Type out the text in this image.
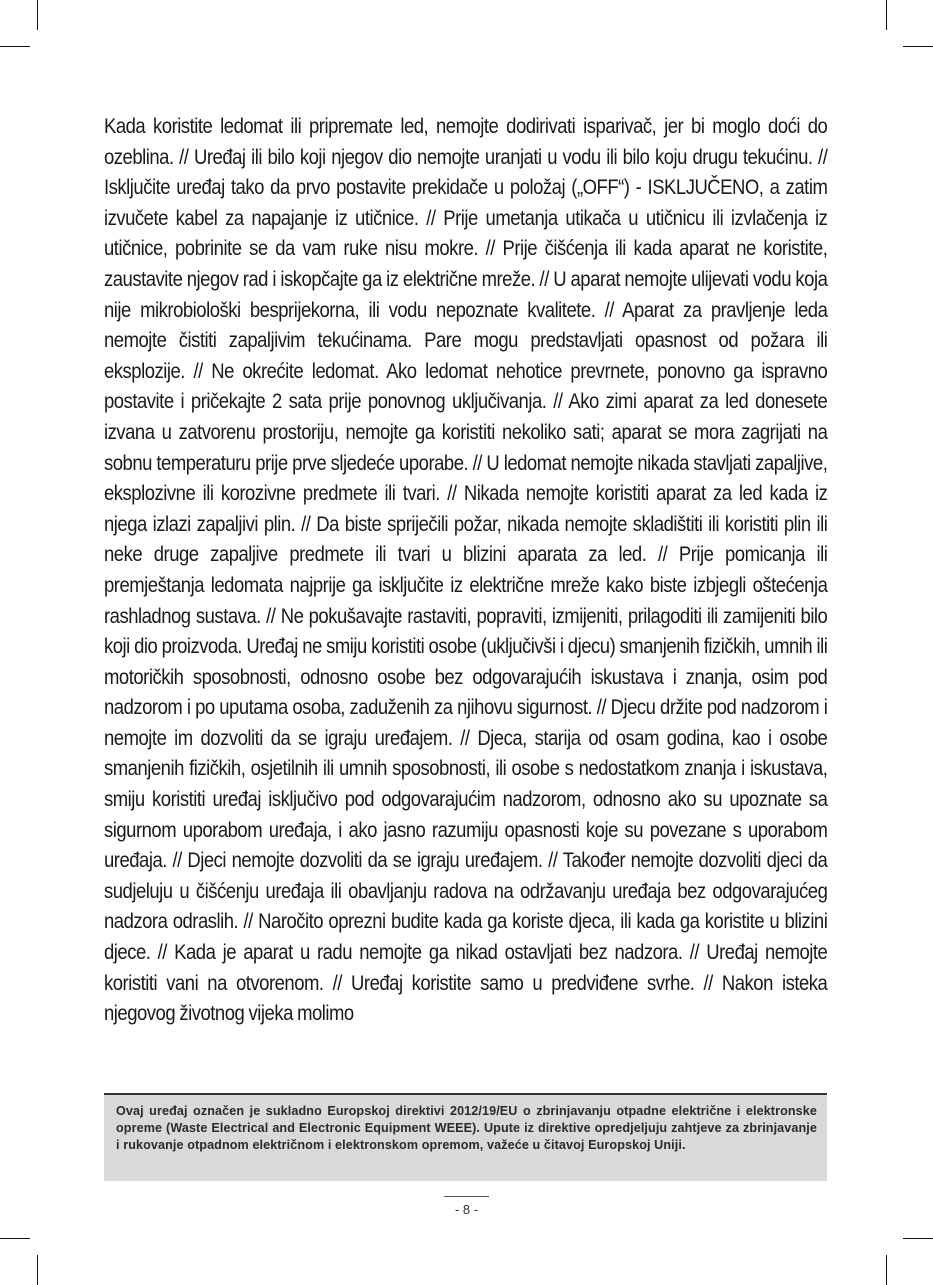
Kada koristite ledomat ili pripremate led, nemojte dodirivati isparivač, jer bi moglo doći do ozeblina. // Uređaj ili bilo koji njegov dio nemojte uranjati u vodu ili bilo koju drugu tekućinu. // Isključite uređaj tako da prvo postavite prekidače u položaj („OFF“) - ISKLJUČENO, a zatim izvučete kabel za napajanje iz utičnice. // Prije umetanja utikača u utičnicu ili izvlačenja iz utičnice, pobrinite se da vam ruke nisu mokre. // Prije čišćenja ili kada aparat ne koristite, zaustavite njegov rad i iskopčajte ga iz električne mreže. // U aparat nemojte ulijevati vodu koja nije mikrobiološki besprijekorna, ili vodu nepoznate kvalitete. // Aparat za pravljenje leda nemojte čistiti zapaljivim tekućinama. Pare mogu predstavljati opasnost od požara ili eksplozije. // Ne okrećite ledomat. Ako ledomat nehotice prevrnete, ponovno ga ispravno postavite i pričekajte 2 sata prije ponovnog uključivanja. // Ako zimi aparat za led donesete izvana u zatvorenu prostoriju, nemojte ga koristiti nekoliko sati; aparat se mora zagrijati na sobnu temperaturu prije prve sljedeće uporabe. // U ledomat nemojte nikada stavljati zapaljive, eksplozivne ili korozivne predmete ili tvari. // Nikada nemojte koristiti aparat za led kada iz njega izlazi zapaljivi plin. // Da biste spriječili požar, nikada nemojte skladištiti ili koristiti plin ili neke druge zapaljive predmete ili tvari u blizini aparata za led. // Prije pomicanja ili premještanja ledomata najprije ga isključite iz električne mreže kako biste izbjegli oštećenja rashladnog sustava. // Ne pokušavajte rastaviti, popraviti, izmijeniti, prilagoditi ili zamijeniti bilo koji dio proizvoda. Uređaj ne smiju koristiti osobe (uključivši i djecu) smanjenih fizičkih, umnih ili motoričkih sposobnosti, odnosno osobe bez odgovarajućih iskustava i znanja, osim pod nadzorom i po uputama osoba, zaduženih za njihovu sigurnost. // Djecu držite pod nadzorom i nemojte im dozvoliti da se igraju uređajem. // Djeca, starija od osam godina, kao i osobe smanjenih fizičkih, osjetilnih ili umnih sposobnosti, ili osobe s nedostatkom znanja i iskustava, smiju koristiti uređaj isključivo pod odgovarajućim nadzorom, odnosno ako su upoznate sa sigurnom uporabom uređaja, i ako jasno razumiju opasnosti koje su povezane s uporabom uređaja. // Djeci nemojte dozvoliti da se igraju uređajem. // Također nemojte dozvoliti djeci da sudjeluju u čišćenju uređaja ili obavljanju radova na održavanju uređaja bez odgovarajućeg nadzora odraslih. // Naročito oprezni budite kada ga koriste djeca, ili kada ga koristite u blizini djece. // Kada je aparat u radu nemojte ga nikad ostavljati bez nadzora. // Uređaj nemojte koristiti vani na otvorenom. // Uređaj koristite samo u predviđene svrhe. // Nakon isteka njegovog životnog vijeka molimo

Ovaj uređaj označen je sukladno Europskoj direktivi 2012/19/EU o zbrinjavanju otpadne električne i elektronske opreme (Waste Electrical and Electronic Equipment WEEE). Upute iz direktive opredjeljuju zahtjeve za zbrinjavanje i rukovanje otpadnom električnom i elektronskom opremom, važeće u čitavoj Europskoj Uniji.

- 8 -
